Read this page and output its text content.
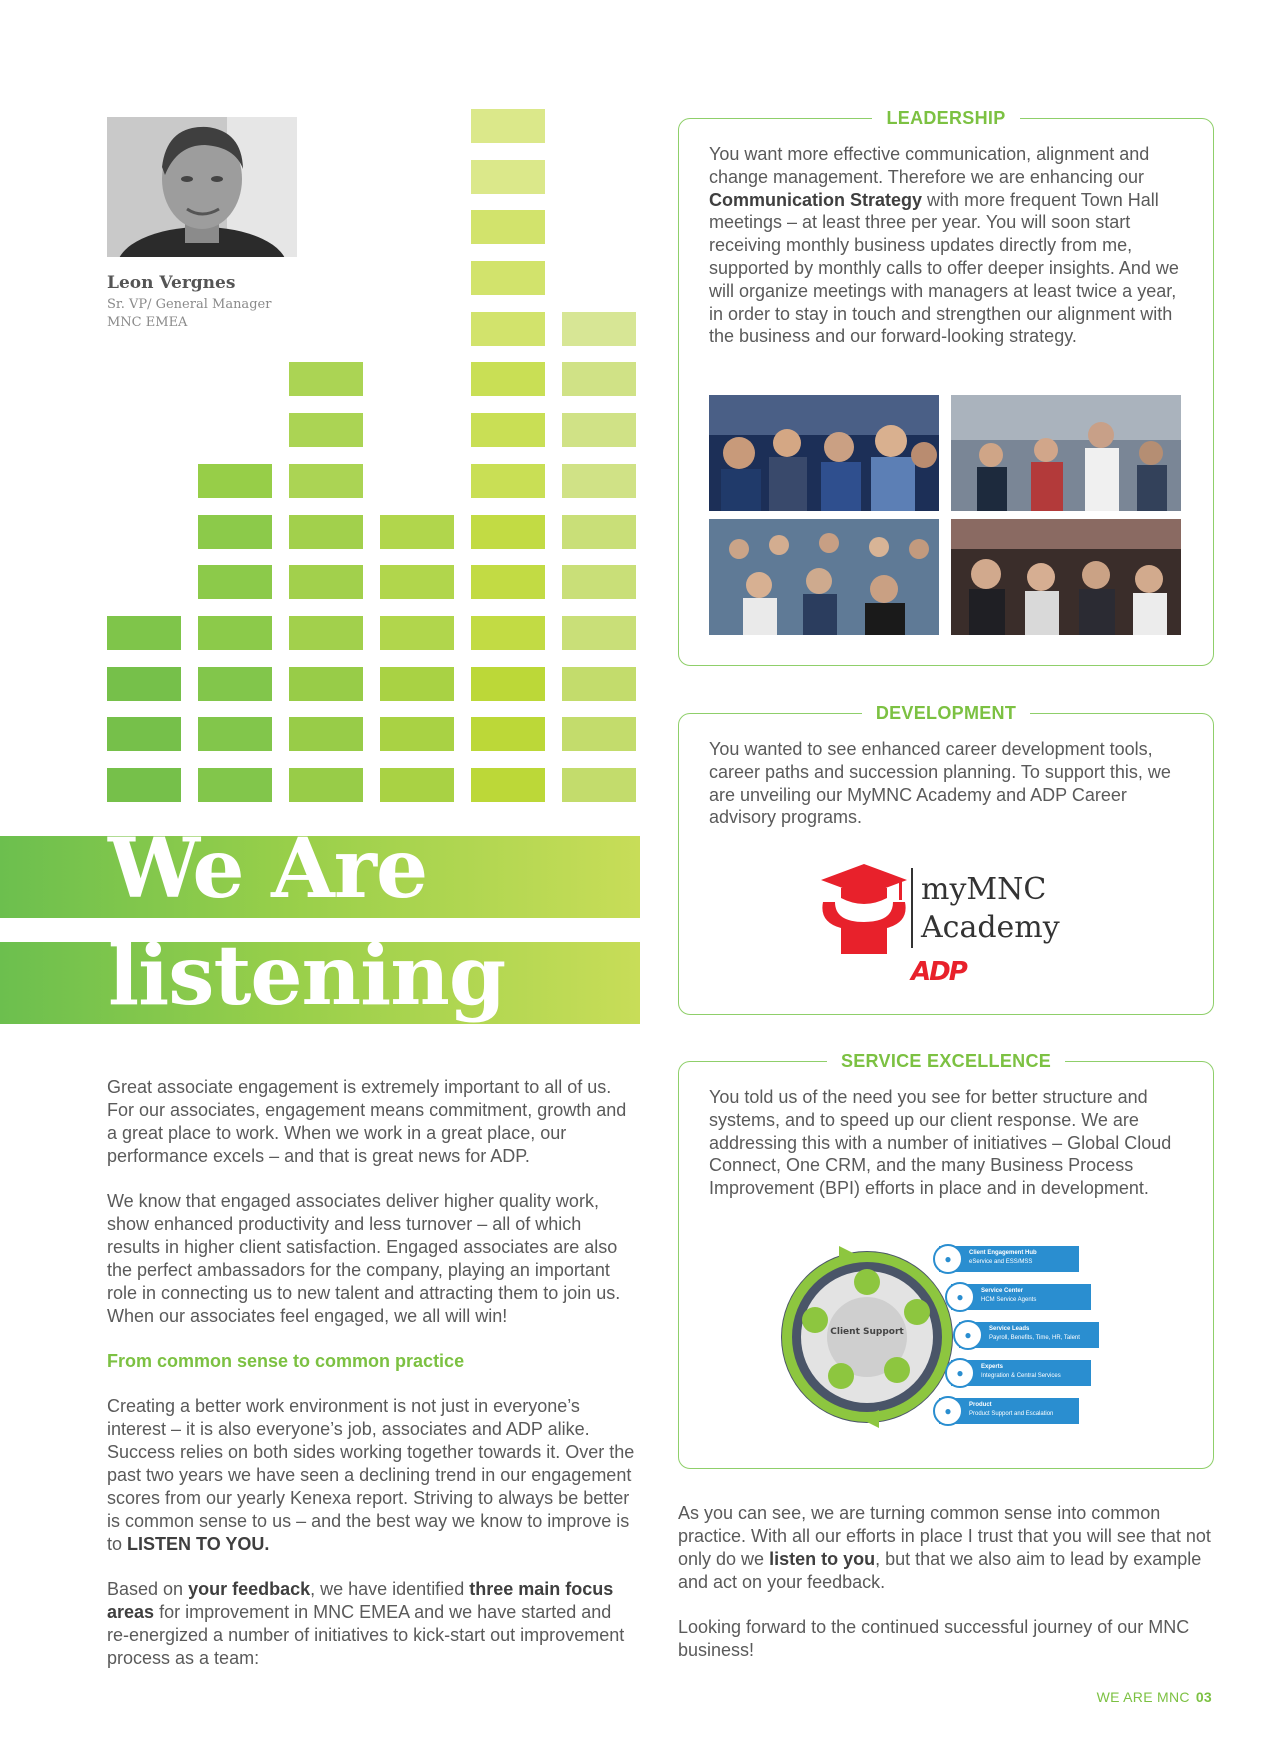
Leon Vergnes
Sr. VP/ General Manager MNC EMEA
We Are
listening

Great associate engagement is extremely important to all of us. For our associates, engagement means commitment, growth and a great place to work. When we work in a great place, our performance excels – and that is great news for ADP.

We know that engaged associates deliver higher quality work, show enhanced productivity and less turnover – all of which results in higher client satisfaction. Engaged associates are also the perfect ambassadors for the company, playing an important role in connecting us to new talent and attracting them to join us. When our associates feel engaged, we all will win!

From common sense to common practice

Creating a better work environment is not just in everyone’s interest – it is also everyone’s job, associates and ADP alike. Success relies on both sides working together towards it. Over the past two years we have seen a declining trend in our engagement scores from our yearly Kenexa report. Striving to always be better is common sense to us – and the best way we know to improve is to LISTEN TO YOU.

Based on your feedback, we have identified three main focus areas for improvement in MNC EMEA and we have started and re-energized a number of initiatives to kick-start out improvement process as a team:

LEADERSHIP
You want more effective communication, alignment and change management. Therefore we are enhancing our Communication Strategy with more frequent Town Hall meetings – at least three per year. You will soon start receiving monthly business updates directly from me, supported by monthly calls to offer deeper insights. And we will organize meetings with managers at least twice a year, in order to stay in touch and strengthen our alignment with the business and our forward-looking strategy.
DEVELOPMENT
You wanted to see enhanced career development tools, career paths and succession planning. To support this, we are unveiling our MyMNC Academy and ADP Career advisory programs.
myMNC
Academy
ADP
SERVICE EXCELLENCE
You told us of the need you see for better structure and systems, and to speed up our client response. We are addressing this with a number of initiatives – Global Cloud Connect, One CRM, and the many Business Process Improvement (BPI) efforts in place and in development.
Client Support
●	Client Engagement Hub
eService and ESS/MSS
●	Service Center
HCM Service Agents
●	Service Leads
Payroll, Benefits, Time, HR, Talent
●	Experts
Integration & Central Services
●	Product
Product Support and Escalation

As you can see, we are turning common sense into common practice. With all our efforts in place I trust that you will see that not only do we listen to you, but that we also aim to lead by example and act on your feedback.

Looking forward to the continued successful journey of our MNC business!

WE ARE MNC 03
